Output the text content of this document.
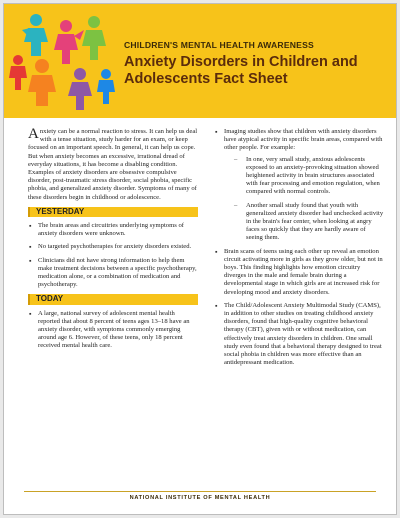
CHILDREN'S MENTAL HEALTH AWARENESS
Anxiety Disorders in Children and Adolescents Fact Sheet

Anxiety can be a normal reaction to stress. It can help us deal with a tense situation, study harder for an exam, or keep focused on an important speech. In general, it can help us cope. But when anxiety becomes an excessive, irrational dread of everyday situations, it has become a disabling condition. Examples of anxiety disorders are obsessive compulsive disorder, post-traumatic stress disorder, social phobia, specific phobia, and generalized anxiety disorder. Symptoms of many of these disorders begin in childhood or adolescence.

YESTERDAY
▪ The brain areas and circuitries underlying symptoms of anxiety disorders were unknown.
▪ No targeted psychotherapies for anxiety disorders existed.
▪ Clinicians did not have strong information to help them make treatment decisions between a specific psychotherapy, medication alone, or a combination of medication and psychotherapy.
TODAY
▪ A large, national survey of adolescent mental health reported that about 8 percent of teens ages 13–18 have an anxiety disorder, with symptoms commonly emerging around age 6. However, of these teens, only 18 percent received mental health care.
▪ Imaging studies show that children with anxiety disorders have atypical activity in specific brain areas, compared with other people. For example:
– In one, very small study, anxious adolescents exposed to an anxiety-provoking situation showed heightened activity in brain structures associated with fear processing and emotion regulation, when compared with normal controls.
– Another small study found that youth with generalized anxiety disorder had unchecked activity in the brain's fear center, when looking at angry faces so quickly that they are hardly aware of seeing them.
▪ Brain scans of teens using each other up reveal an emotion circuit activating more in girls as they grow older, but not in boys. This finding highlights how emotion circuitry diverges in the male and female brain during a developmental stage in which girls are at increased risk for developing mood and anxiety disorders.
▪ The Child/Adolescent Anxiety Multimodal Study (CAMS), in addition to other studies on treating childhood anxiety disorders, found that high-quality cognitive behavioral therapy (CBT), given with or without medication, can effectively treat anxiety disorders in children. One small study even found that a behavioral therapy designed to treat social phobia in children was more effective than an antidepressant medication.
NATIONAL INSTITUTE OF MENTAL HEALTH
